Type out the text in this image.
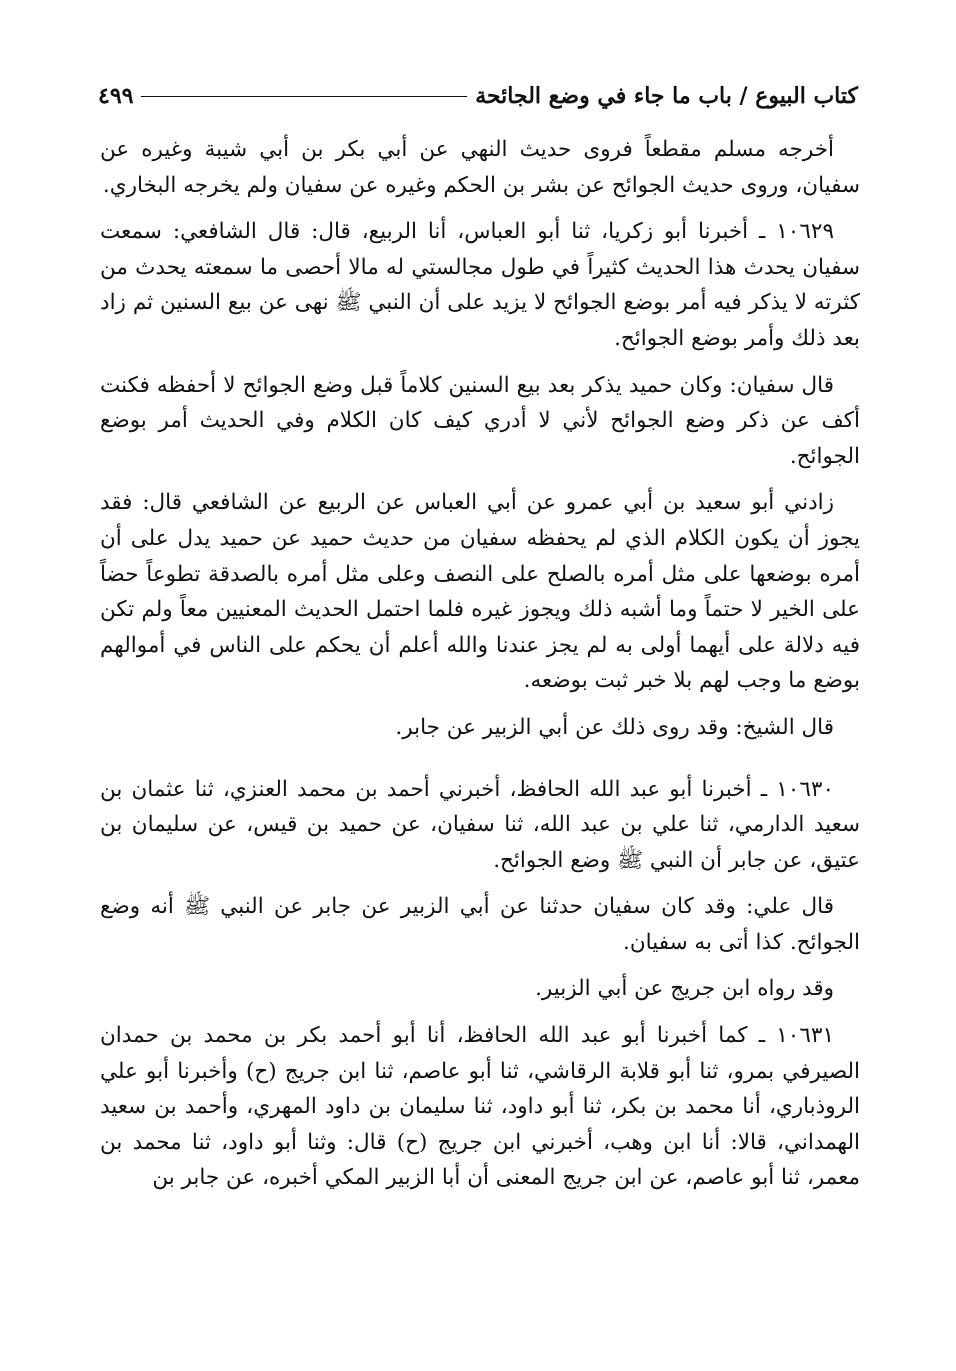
كتاب البيوع / باب ما جاء في وضع الجائحة
٤٩٩

أخرجه مسلم مقطعاً فروى حديث النهي عن أبي بكر بن أبي شيبة وغيره عن سفيان، وروى حديث الجوائح عن بشر بن الحكم وغيره عن سفيان ولم يخرجه البخاري.

١٠٦٢٩ ـ أخبرنا أبو زكريا، ثنا أبو العباس، أنا الربيع، قال: قال الشافعي: سمعت سفيان يحدث هذا الحديث كثيراً في طول مجالستي له مالا أحصى ما سمعته يحدث من كثرته لا يذكر فيه أمر بوضع الجوائح لا يزيد على أن النبي ﷺ نهى عن بيع السنين ثم زاد بعد ذلك وأمر بوضع الجوائح.

قال سفيان: وكان حميد يذكر بعد بيع السنين كلاماً قبل وضع الجوائح لا أحفظه فكنت أكف عن ذكر وضع الجوائح لأني لا أدري كيف كان الكلام وفي الحديث أمر بوضع الجوائح.

زادني أبو سعيد بن أبي عمرو عن أبي العباس عن الربيع عن الشافعي قال: فقد يجوز أن يكون الكلام الذي لم يحفظه سفيان من حديث حميد عن حميد يدل على أن أمره بوضعها على مثل أمره بالصلح على النصف وعلى مثل أمره بالصدقة تطوعاً حضاً على الخير لا حتماً وما أشبه ذلك ويجوز غيره فلما احتمل الحديث المعنيين معاً ولم تكن فيه دلالة على أيهما أولى به لم يجز عندنا والله أعلم أن يحكم على الناس في أموالهم بوضع ما وجب لهم بلا خبر ثبت بوضعه.

قال الشيخ: وقد روى ذلك عن أبي الزبير عن جابر.

١٠٦٣٠ ـ أخبرنا أبو عبد الله الحافظ، أخبرني أحمد بن محمد العنزي، ثنا عثمان بن سعيد الدارمي، ثنا علي بن عبد الله، ثنا سفيان، عن حميد بن قيس، عن سليمان بن عتيق، عن جابر أن النبي ﷺ وضع الجوائح.

قال علي: وقد كان سفيان حدثنا عن أبي الزبير عن جابر عن النبي ﷺ أنه وضع الجوائح. كذا أتى به سفيان.

وقد رواه ابن جريج عن أبي الزبير.

١٠٦٣١ ـ كما أخبرنا أبو عبد الله الحافظ، أنا أبو أحمد بكر بن محمد بن حمدان الصيرفي بمرو، ثنا أبو قلابة الرقاشي، ثنا أبو عاصم، ثنا ابن جريج (ح) وأخبرنا أبو علي الروذباري، أنا محمد بن بكر، ثنا أبو داود، ثنا سليمان بن داود المهري، وأحمد بن سعيد الهمداني، قالا: أنا ابن وهب، أخبرني ابن جريج (ح) قال: وثنا أبو داود، ثنا محمد بن معمر، ثنا أبو عاصم، عن ابن جريج المعنى أن أبا الزبير المكي أخبره، عن جابر بن
